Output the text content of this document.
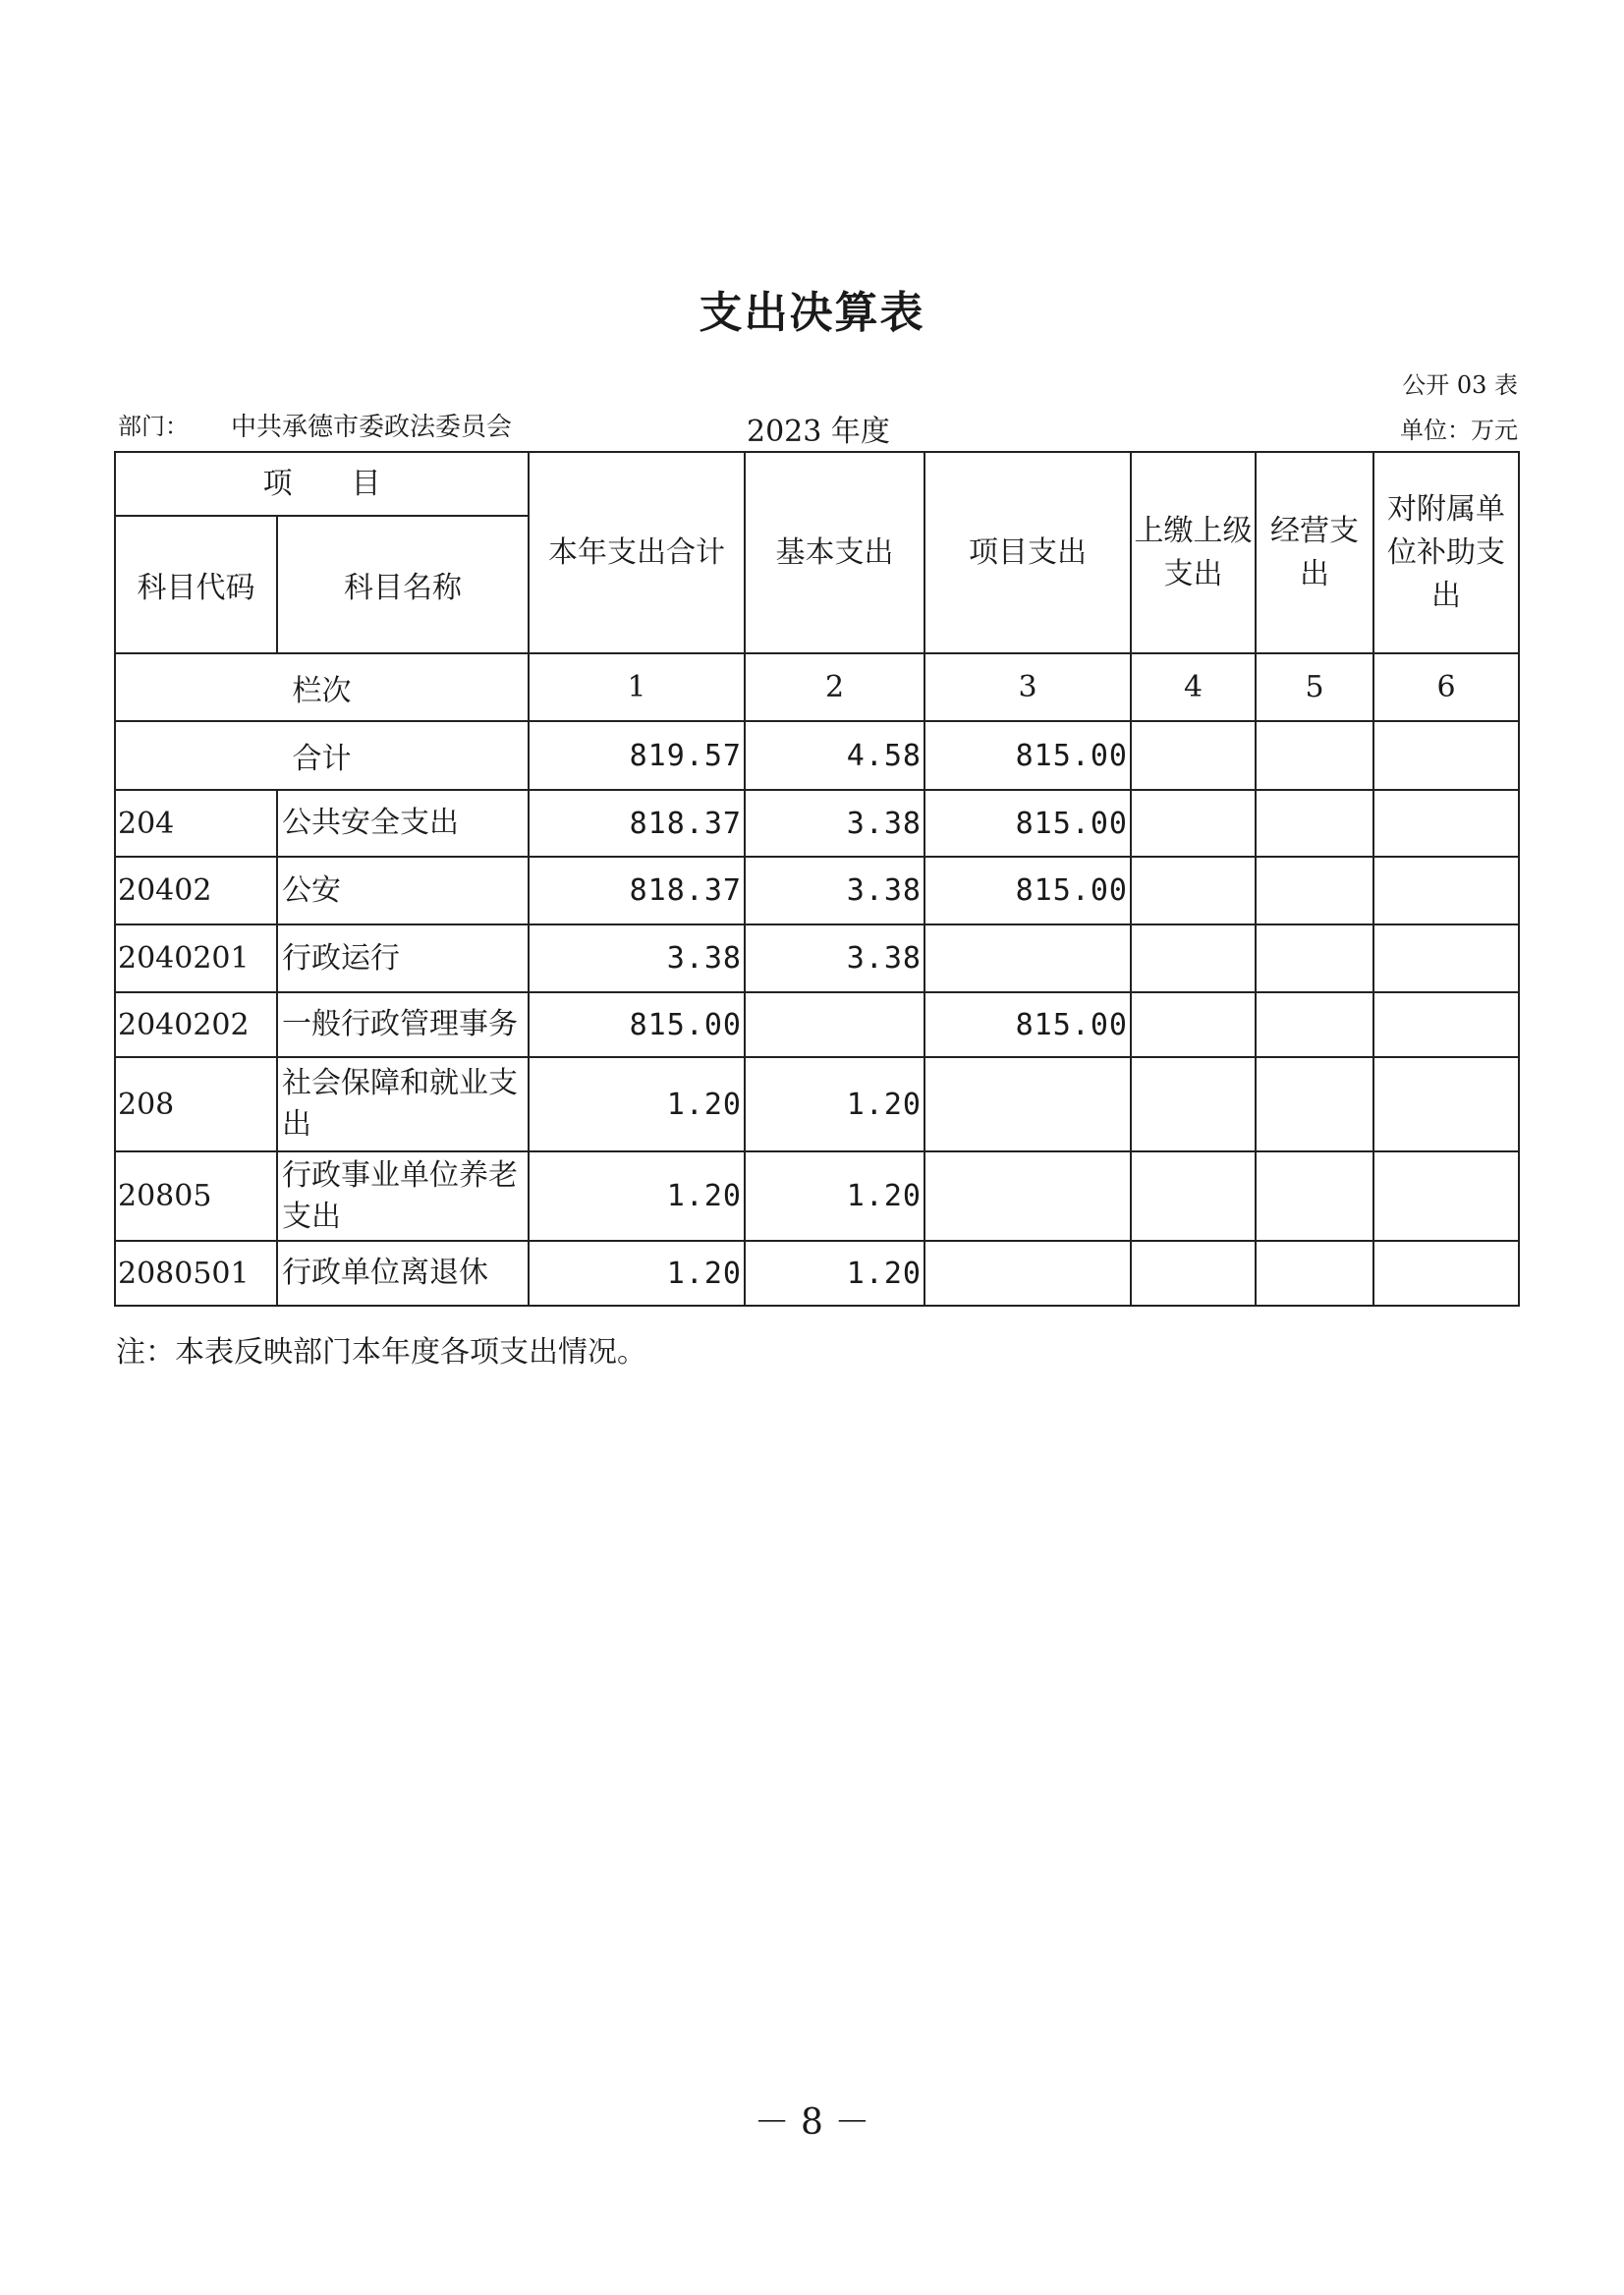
支出决算表
公开 03 表
部门： 中共承德市委政法委员会	2023 年度	单位：万元
项　　目		本年支出合计	基本支出	项目支出	上缴上级支出	经营支出	对附属单位补助支出
科目代码	科目名称						
栏次		1	2	3	4	5	6
合计		819.57	4.58	815.00			
204	公共安全支出	818.37	3.38	815.00			
20402	公安	818.37	3.38	815.00			
2040201	行政运行	3.38	3.38				
2040202	一般行政管理事务	815.00		815.00			
208	社会保障和就业支出	1.20	1.20				
20805	行政事业单位养老支出	1.20	1.20				
2080501	行政单位离退休	1.20	1.20				
注：本表反映部门本年度各项支出情况。
－ 8 －
